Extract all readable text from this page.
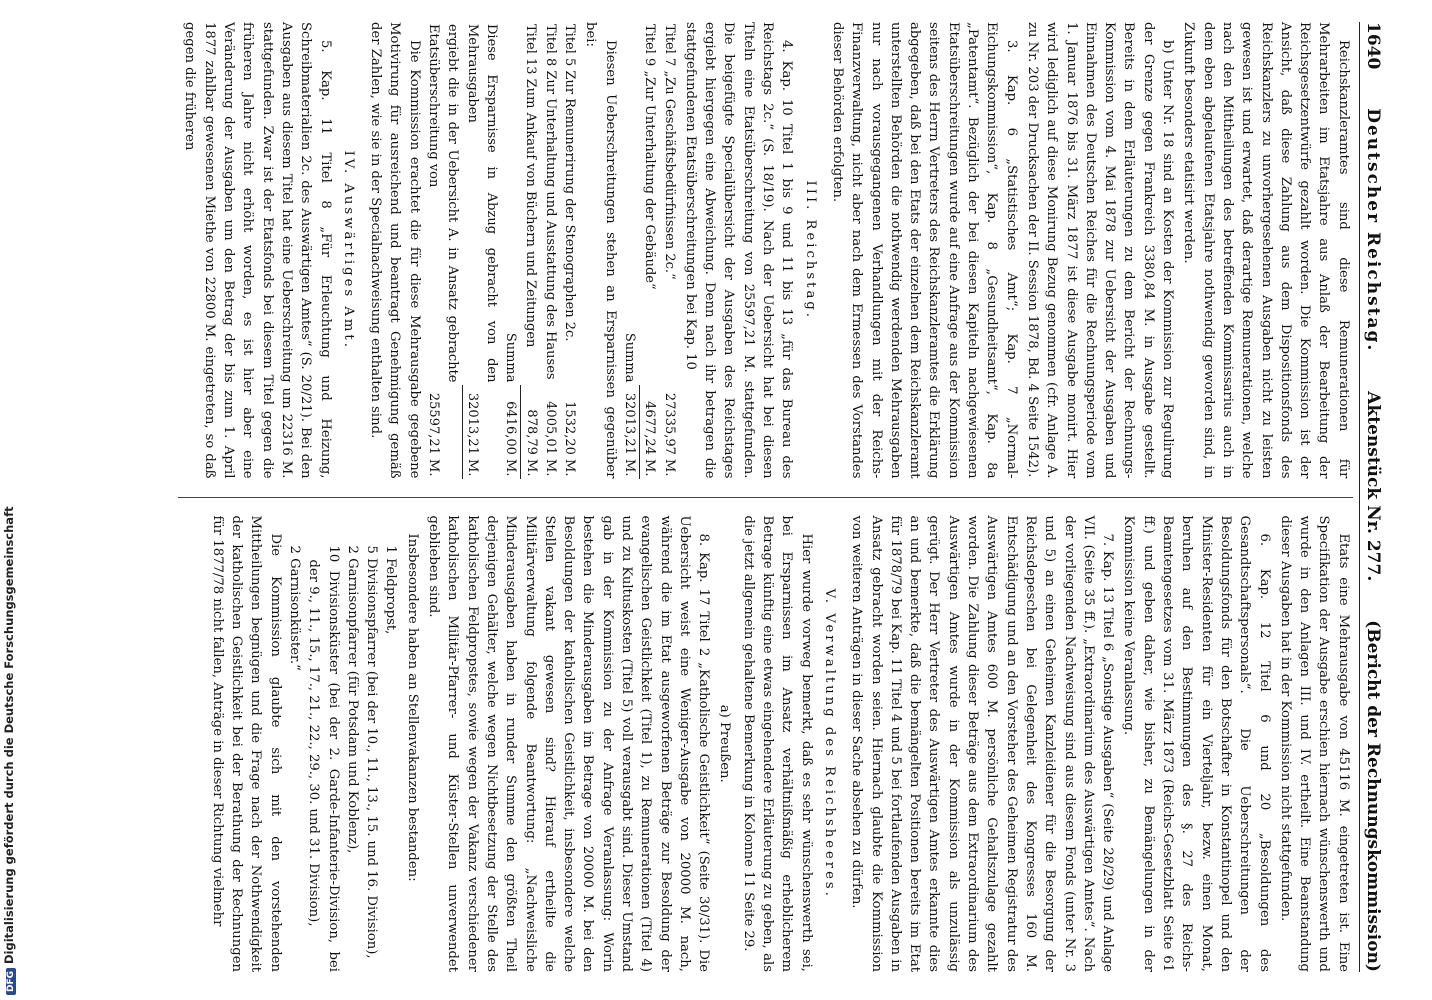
1640
Deutscher Reichstag.
Aktenstück Nr. 277.
(Bericht der Rechnungskommission)

Reichskanzleramtes sind diese Remunerationen für Mehrarbeiten im Etatsjahre aus Anlaß der Bearbeitung der Reichsgesetzentwürfe gezahlt worden. Die Kommission ist der Ansicht, daß diese Zahlung aus dem Dispositionsfonds des Reichskanzlers zu unvorhergesehenen Ausgaben nicht zu leisten gewesen ist und erwartet, daß derartige Remunerationen, welche nach den Mittheilungen des betreffenden Kommissarius auch in dem eben abgelaufenen Etatsjahre nothwendig geworden sind, in Zukunft besonders etatisirt werden.

b) Unter Nr. 18 sind an Kosten der Kommission zur Regulirung der Grenze gegen Frankreich 3380,84 M. in Ausgabe gestellt. Bereits in dem Erläuterungen zu dem Bericht der Rechnungs-Kommission vom 4. Mai 1878 zur Uebersicht der Ausgaben und Einnahmen des Deutschen Reiches für die Rechnungsperiode vom 1. Januar 1876 bis 31. März 1877 ist diese Ausgabe monirt. Hier wird lediglich auf diese Monirung Bezug genommen (cfr. Anlage A. zu Nr. 203 der Drucksachen der II. Session 1878, Bd. 4 Seite 1542).

3. Kap. 6 „Statistisches Amt“; Kap. 7 „Normal-Eichungskommission“, Kap. 8 „Gesundheitsamt“, Kap. 8a „Patentamt“. Bezüglich der bei diesen Kapiteln nachgewiesenen Etatsüberschreitungen wurde auf eine Anfrage aus der Kommission seitens des Herrn Vertreters des Reichskanzleramtes die Erklärung abgegeben, daß bei den Etats der einzelnen dem Reichskanzleramt unterstellten Behörden die nothwendig werdenden Mehrausgaben nur nach vorausgegangenen Verhandlungen mit der Reichs-Finanzverwaltung, nicht aber nach dem Ermessen des Vorstandes dieser Behörden erfolgten.

III. Reichstag.

4. Kap. 10 Titel 1 bis 9 und 11 bis 13 „für das Bureau des Reichstags 2c.“ (S. 18/19). Nach der Uebersicht hat bei diesen Titeln eine Etatsüberschreitung von 25597,21 M. stattgefunden. Die beigefügte Specialübersicht der Ausgaben des Reichstages ergiebt hiergegen eine Abweichung. Denn nach ihr betragen die stattgefundenen Etatsüberschreitungen bei Kap. 10

Titel 7 „Zu Geschäftsbedürfnissen 2c.“	27335,97 M.
Titel 9 „Zur Unterhaltung der Gebäude“	4677,24 M.
Summa	32013,21 M.

Diesen Ueberschreitungen stehen an Ersparnissen gegenüber bei:

Titel 5 Zur Remunerirung der Stenographen 2c.	1532,20 M.
Titel 8 Zur Unterhaltung und Ausstattung des Hauses	4005,01 M.
Titel 13 Zum Ankauf von Büchern und Zeitungen	878,79 M.
Summa	6416,00 M.
Diese Ersparnisse in Abzug gebracht von den Mehrausgaben	32013,21 M.
ergiebt die in der Uebersicht A. in Ansatz gebrachte Etatsüberschreitung von	25597,21 M.

Die Kommission erachtet die für diese Mehrausgabe gegebene Motivirung für ausreichend und beantragt Genehmigung gemäß der Zahlen, wie sie in der Specialnachweisung enthalten sind.

IV. Auswärtiges Amt.

5. Kap. 11 Titel 8 „Für Erleuchtung und Heizung, Schreibmaterialien 2c. des Auswärtigen Amtes“ (S. 20/21). Bei den Ausgaben aus diesem Titel hat eine Ueberschreitung um 22316 M. stattgefunden. Zwar ist der Etatsfonds bei diesem Titel gegen die früheren Jahre nicht erhöht worden, es ist hier aber eine Veränderung der Ausgaben um den Betrag der bis zum 1. April 1877 zahlbar gewesenen Miethe von 22800 M. eingetreten, so daß gegen die früheren

Etats eine Mehrausgabe von 45116 M. eingetreten ist. Eine Specifikation der Ausgabe erschien hiernach wünschenswerth und wurde in den Anlagen III. und IV. ertheilt. Eine Beanstandung dieser Ausgaben hat in der Kommission nicht stattgefunden.

6. Kap. 12 Titel 6 und 20 „Besoldungen des Gesandtschaftspersonals“. Die Ueberschreitungen der Besoldungsfonds für den Botschafter in Konstantinopel und den Minister-Residenten für ein Vierteljahr, bezw. einen Monat, beruhen auf den Bestimmungen des §. 27 des Reichs-Beamtengesetzes vom 31. März 1873 (Reichs-Gesetzblatt Seite 61 ff.) und geben daher, wie bisher, zu Bemängelungen in der Kommission keine Veranlassung.

7. Kap. 13 Titel 6 „Sonstige Ausgaben“ (Seite 28/29) und Anlage VII. (Seite 35 ff.). „Extraordinarium des Auswärtigen Amtes“. Nach der vorliegenden Nachweisung sind aus diesem Fonds (unter Nr. 3 und 5) an einen Geheimen Kanzleidiener für die Besorgung der Reichsdepeschen bei Gelegenheit des Kongresses 160 M. Entschädigung und an den Vorsteher des Geheimen Registratur des Auswärtigen Amtes 600 M. persönliche Gehaltszulage gezahlt worden. Die Zahlung dieser Beträge aus dem Extraordinarium des Auswärtigen Amtes wurde in der Kommission als unzulässig gerügt. Der Herr Vertreter des Auswärtigen Amtes erkannte dies an und bemerkte, daß die bemängelten Positionen bereits im Etat für 1878/79 bei Kap. 11 Titel 4 und 5 bei fortlaufenden Ausgaben in Ansatz gebracht worden seien. Hiernach glaubte die Kommission von weiteren Anträgen in dieser Sache absehen zu dürfen.

V. Verwaltung des Reichsheeres.

Hier wurde vorweg bemerkt, daß es sehr wünschenswerth sei, bei Ersparnissen im Ansatz verhältnißmäßig erheblicherem Betrage künftig eine etwas eingehendere Erläuterung zu geben, als die jetzt allgemein gehaltene Bemerkung in Kolonne 11 Seite 29.

a) Preußen.

8. Kap. 17 Titel 2 „Katholische Geistlichkeit“ (Seite 30/31). Die Uebersicht weist eine Weniger-Ausgabe von 20000 M. nach, während die im Etat ausgeworfenen Beträge zur Besoldung der evangelischen Geistlichkeit (Titel 1), zu Remunerationen (Titel 4) und zu Kultuskosten (Titel 5) voll verausgabt sind. Dieser Umstand gab in der Kommission zu der Anfrage Veranlassung: Worin bestehen die Minderausgaben im Betrage von 20000 M. bei den Besoldungen der katholischen Geistlichkeit, insbesondere welche Stellen vakant gewesen sind? Hierauf ertheilte die Militärverwaltung folgende Beantwortung: „Nachweisliche Minderausgaben haben in runder Summe den größten Theil derjenigen Gehälter, welche wegen Nichtbesetzung der Stelle des katholischen Feldpropstes, sowie wegen der Vakanz verschiedener katholischen Militär-Pfarrer- und Küster-Stellen unverwendet geblieben sind.

Insbesondere haben an Stellenvakanzen bestanden:

1 Feldpropst,
5 Divisionspfarrer (bei der 10., 11., 13., 15. und 16. Division),
2 Garnisonpfarrer (für Potsdam und Koblenz),
10 Divisionsküster (bei der 2. Garde-Infanterie-Division, bei der 9., 11., 15., 17., 21., 22., 29., 30. und 31. Division),
2 Garnisonküster.“

Die Kommission glaubte sich mit den vorstehenden Mittheilungen begnügen und die Frage nach der Nothwendigkeit der katholischen Geistlichkeit bei der Berathung der Rechnungen für 1877/78 nicht fallen, Anträge in dieser Richtung vielmehr

DFGDigitalisierung gefördert durch die Deutsche Forschungsgemeinschaft
